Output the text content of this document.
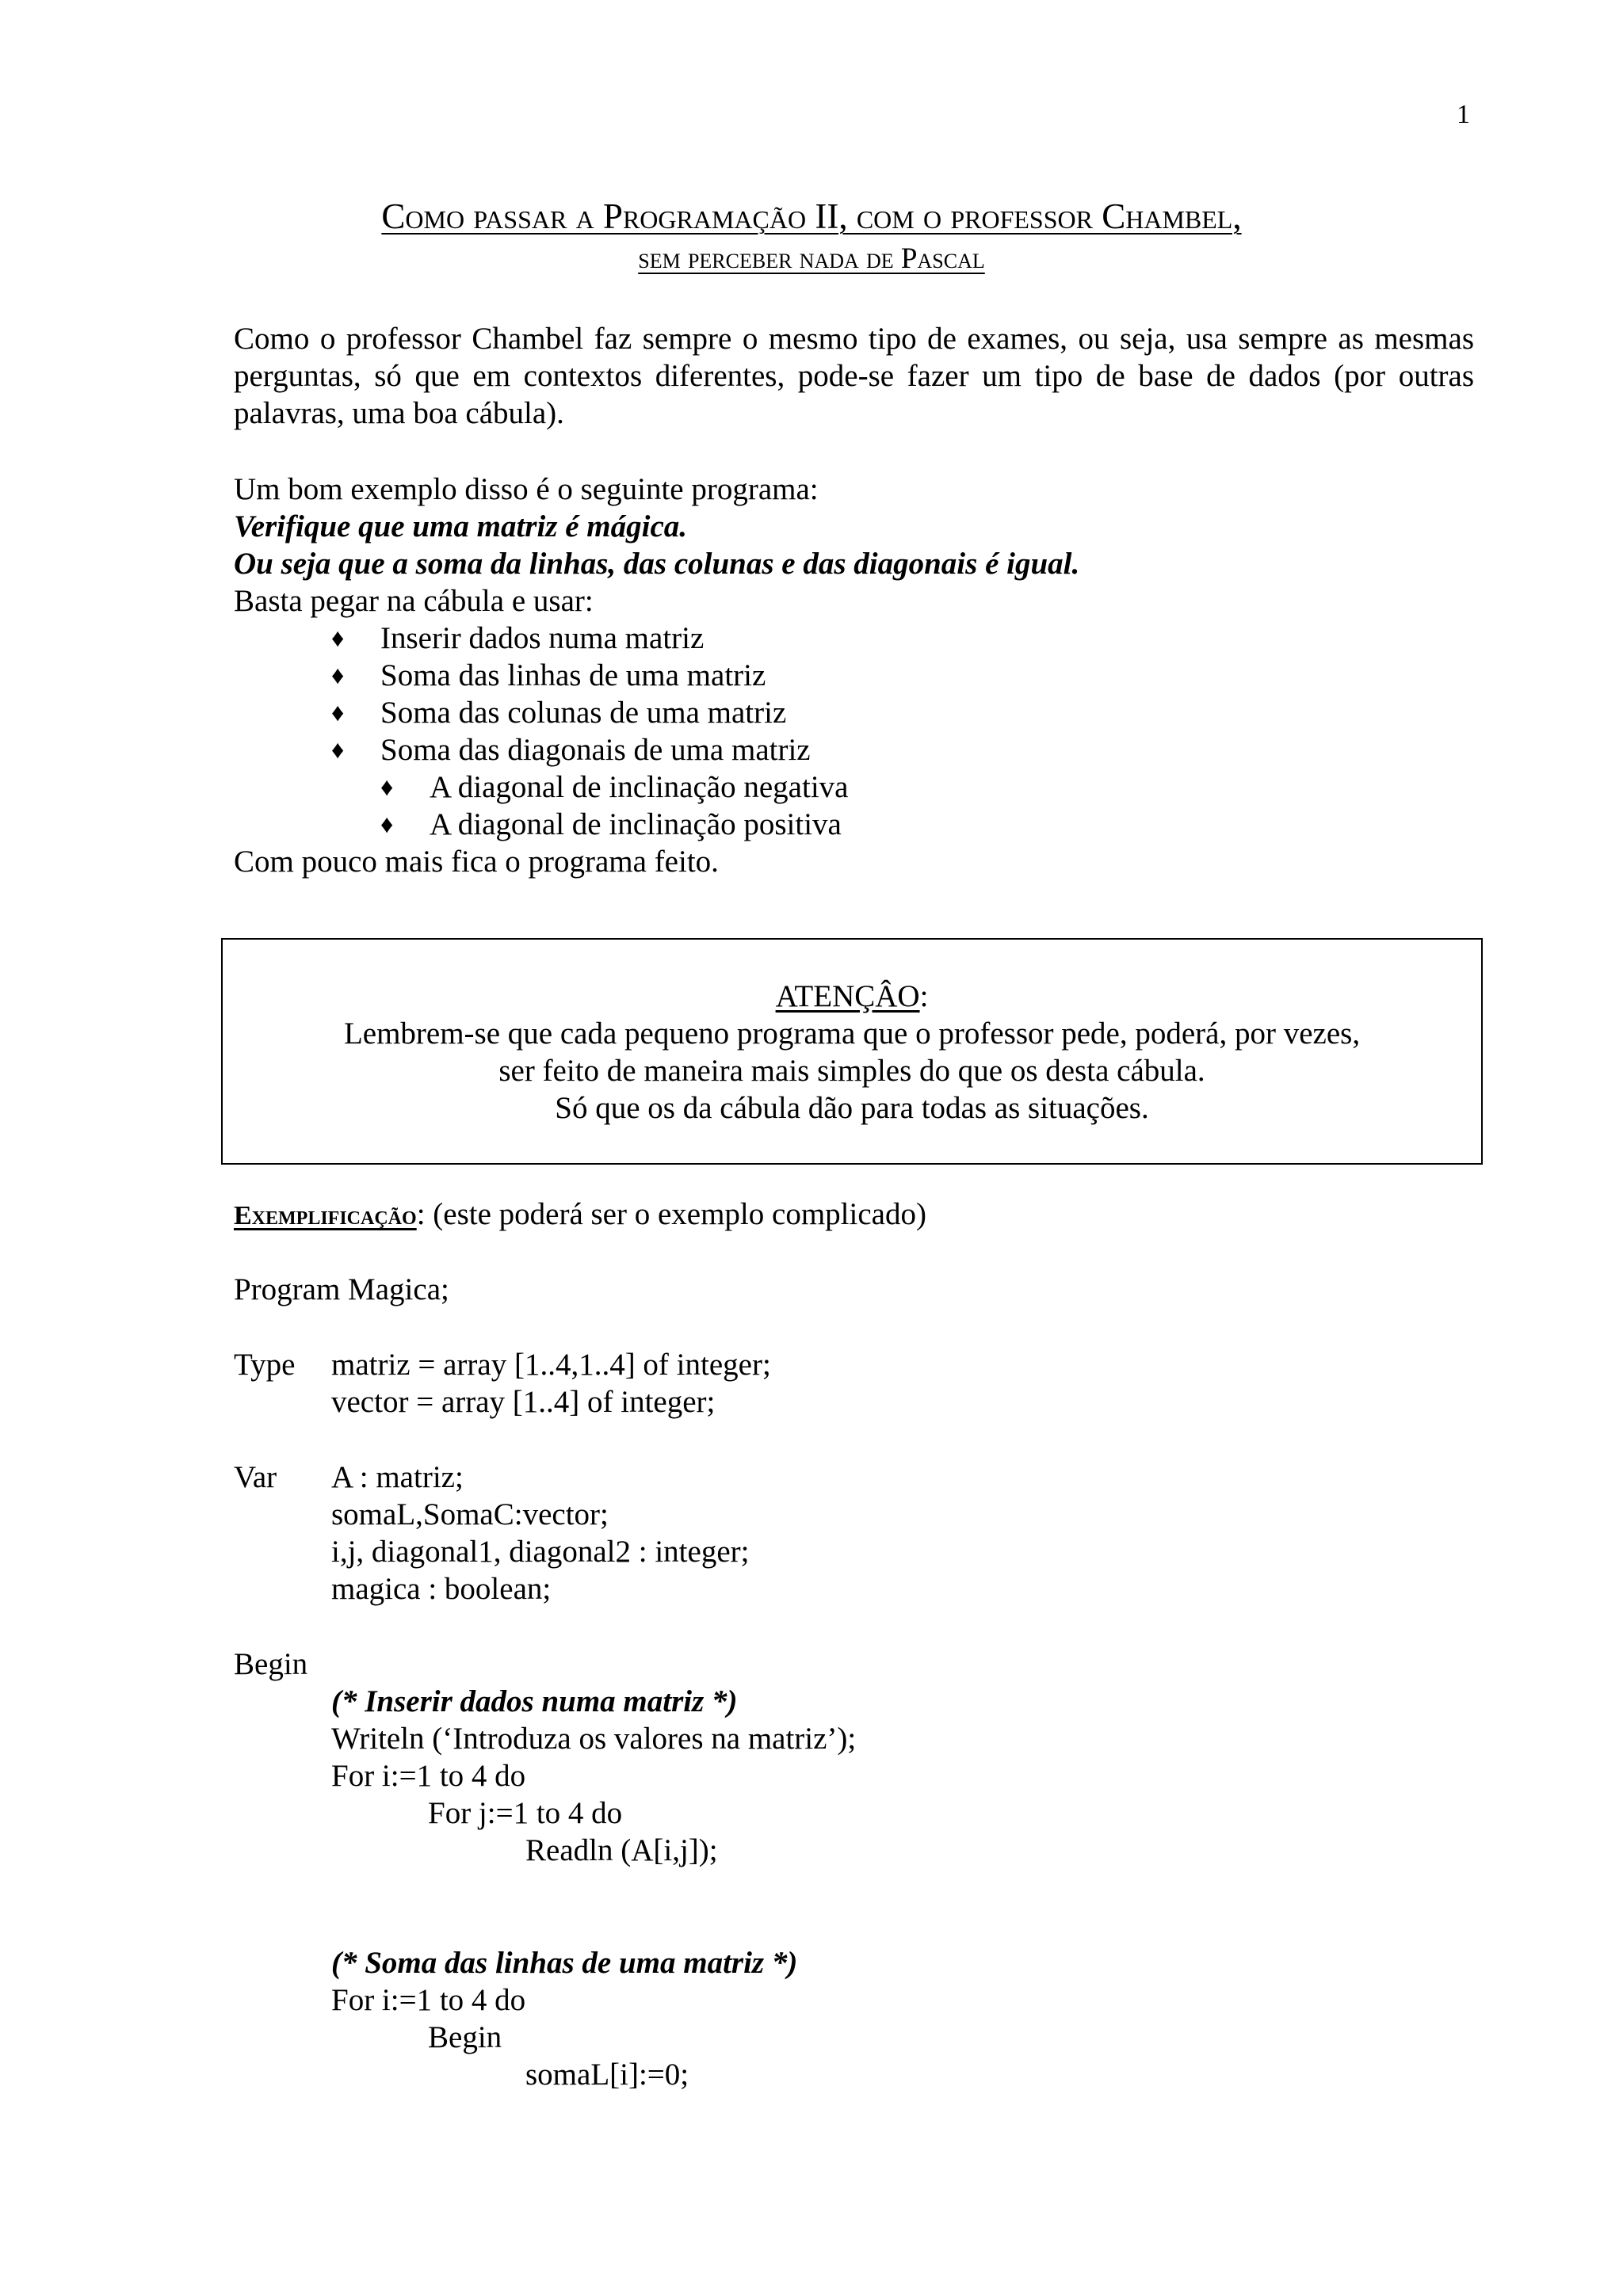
1
Como passar a Programação II, com o professor Chambel,
sem perceber nada de Pascal
Como o professor Chambel faz sempre o mesmo tipo de exames, ou seja, usa sempre as mesmas perguntas, só que em contextos diferentes, pode-se fazer um tipo de base de dados (por outras palavras, uma boa cábula).
Um bom exemplo disso é o seguinte programa:
Verifique que uma matriz é mágica.
Ou seja que a soma da linhas, das colunas e das diagonais é igual.
Basta pegar na cábula e usar:
♦ Inserir dados numa matriz
♦ Soma das linhas de uma matriz
♦ Soma das colunas de uma matriz
♦ Soma das diagonais de uma matriz
♦ A diagonal de inclinação negativa
♦ A diagonal de inclinação positiva
Com pouco mais fica o programa feito.
ATENÇÂO:
Lembrem-se que cada pequeno programa que o professor pede, poderá, por vezes,
ser feito de maneira mais simples do que os desta cábula.
Só que os da cábula dão para todas as situações.
Exemplificação: (este poderá ser o exemplo complicado)
Program Magica;
Type matriz = array [1..4,1..4] of integer;
vector = array [1..4] of integer;
Var A : matriz;
somaL,SomaC:vector;
i,j, diagonal1, diagonal2 : integer;
magica : boolean;
Begin
(* Inserir dados numa matriz *)
Writeln (‘Introduza os valores na matriz’);
For i:=1 to 4 do
For j:=1 to 4 do
Readln (A[i,j]);
(* Soma das linhas de uma matriz *)
For i:=1 to 4 do
Begin
somaL[i]:=0;
